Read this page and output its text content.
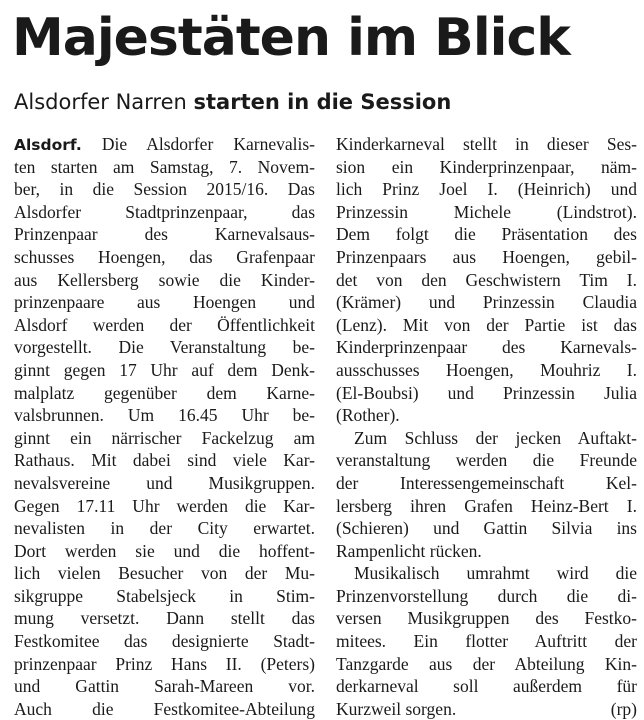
Majestäten im Blick
Alsdorfer Narren starten in die Session
Alsdorf. Die Alsdorfer Karnevalis-
ten starten am Samstag, 7. Novem-
ber, in die Session 2015/16. Das
Alsdorfer Stadtprinzenpaar, das
Prinzenpaar des Karnevalsaus-
schusses Hoengen, das Grafenpaar
aus Kellersberg sowie die Kinder-
prinzenpaare aus Hoengen und
Alsdorf werden der Öffentlichkeit
vorgestellt. Die Veranstaltung be-
ginnt gegen 17 Uhr auf dem Denk-
malplatz gegenüber dem Karne-
valsbrunnen. Um 16.45 Uhr be-
ginnt ein närrischer Fackelzug am
Rathaus. Mit dabei sind viele Kar-
nevalsvereine und Musikgruppen.
Gegen 17.11 Uhr werden die Kar-
nevalisten in der City erwartet.
Dort werden sie und die hoffent-
lich vielen Besucher von der Mu-
sikgruppe Stabelsjeck in Stim-
mung versetzt. Dann stellt das
Festkomitee das designierte Stadt-
prinzenpaar Prinz Hans II. (Peters)
und Gattin Sarah-Mareen vor.
Auch die Festkomitee-Abteilung
Kinderkarneval stellt in dieser Ses-
sion ein Kinderprinzenpaar, näm-
lich Prinz Joel I. (Heinrich) und
Prinzessin Michele (Lindstrot).
Dem folgt die Präsentation des
Prinzenpaars aus Hoengen, gebil-
det von den Geschwistern Tim I.
(Krämer) und Prinzessin Claudia
(Lenz). Mit von der Partie ist das
Kinderprinzenpaar des Karnevals-
ausschusses Hoengen, Mouhriz I.
(El-Boubsi) und Prinzessin Julia
(Rother).
Zum Schluss der jecken Auftakt-
veranstaltung werden die Freunde
der Interessengemeinschaft Kel-
lersberg ihren Grafen Heinz-Bert I.
(Schieren) und Gattin Silvia ins
Rampenlicht rücken.
Musikalisch umrahmt wird die
Prinzenvorstellung durch die di-
versen Musikgruppen des Festko-
mitees. Ein flotter Auftritt der
Tanzgarde aus der Abteilung Kin-
derkarneval soll außerdem für
Kurzweil sorgen.	(rp)
